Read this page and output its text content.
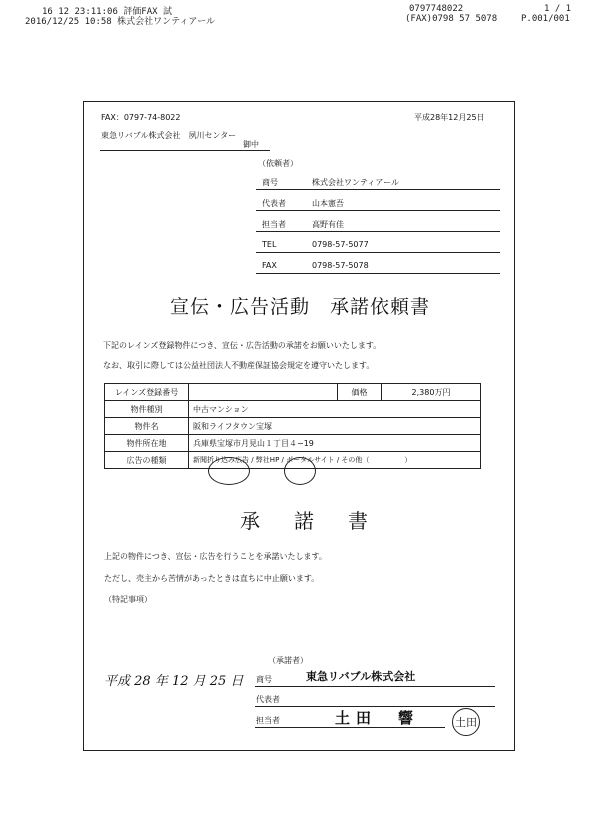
16 12 23:11:06 評価FAX 試	0797748022	1 / 1
2016/12/25 10:58 株式会社ワンティアール	(FAX)0798 57 5078	P.001/001
FAX：0797-74-8022	平成28年12月25日
東急リバブル株式会社　夙川センター
御中
（依頼者）
商号	株式会社ワンティアール
代表者	山本憲吾
担当者	高野有佳
TEL	0798-57-5077
FAX	0798-57-5078
宣伝・広告活動　承諾依頼書
下記のレインズ登録物件につき、宣伝・広告活動の承諾をお願いいたします。
なお、取引に際しては公益社団法人不動産保証協会規定を遵守いたします。
レインズ登録番号		価格	2,380万円
物件種別	中古マンション		
物件名	阪和ライフタウン宝塚		
物件所在地	兵庫県宝塚市月見山１丁目４−19		
広告の種類	新聞折り込み広告 / 弊社HP / ポータルサイト / その他（　　　　　）		
承諾書
上記の物件につき、宣伝・広告を行うことを承諾いたします。
ただし、売主から苦情があったときは直ちに中止願います。
（特記事項）
平成 28 年 12 月 25 日
（承諾者）
商号	東急リバブル株式会社
代表者
担当者	土田　響	土田
